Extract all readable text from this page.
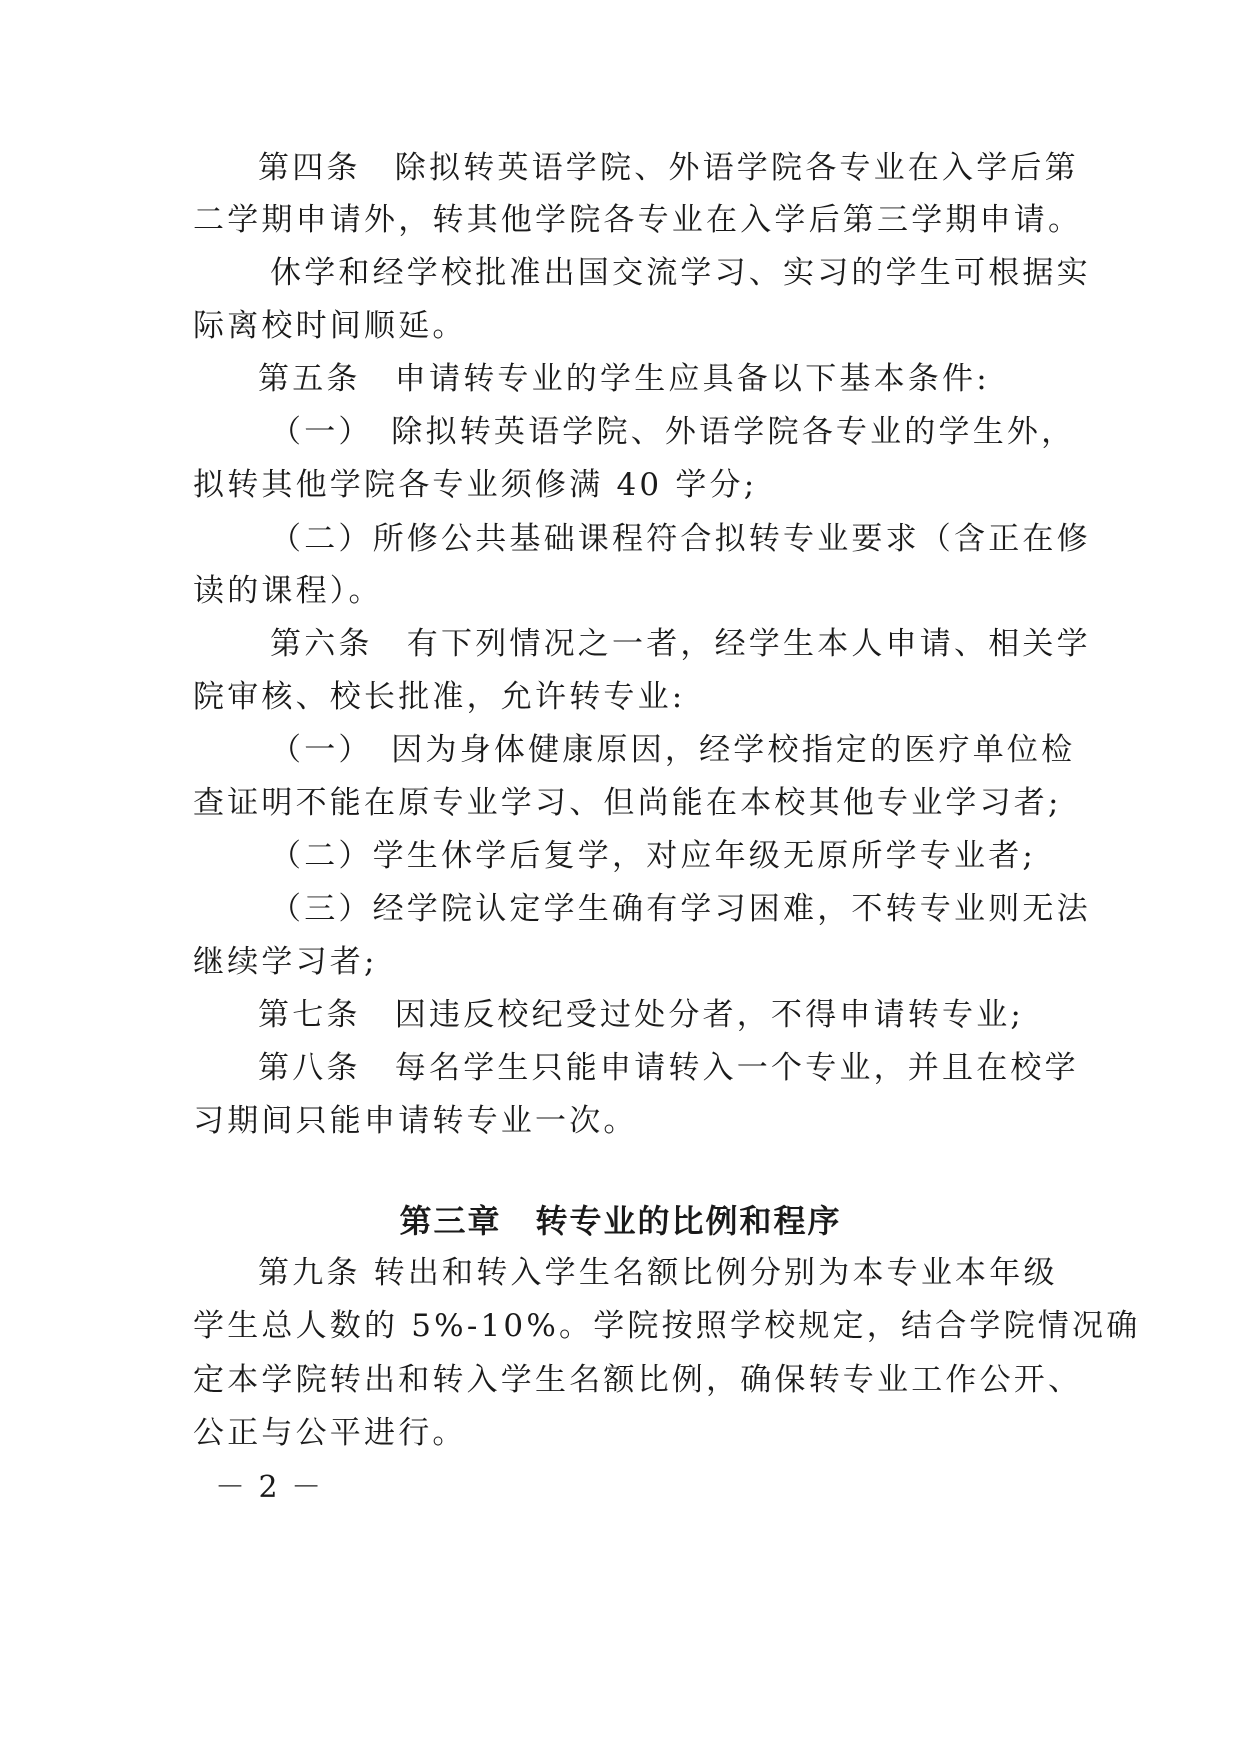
第四条　除拟转英语学院、外语学院各专业在入学后第
二学期申请外，转其他学院各专业在入学后第三学期申请。
休学和经学校批准出国交流学习、实习的学生可根据实
际离校时间顺延。
第五条　申请转专业的学生应具备以下基本条件:
（一）　除拟转英语学院、外语学院各专业的学生外，
拟转其他学院各专业须修满 40 学分;
（二）所修公共基础课程符合拟转专业要求（含正在修
读的课程）。
第六条　有下列情况之一者，经学生本人申请、相关学
院审核、校长批准，允许转专业:
（一）　因为身体健康原因，经学校指定的医疗单位检
查证明不能在原专业学习、但尚能在本校其他专业学习者;
（二）学生休学后复学，对应年级无原所学专业者;
（三）经学院认定学生确有学习困难，不转专业则无法
继续学习者;
第七条　因违反校纪受过处分者，不得申请转专业;
第八条　每名学生只能申请转入一个专业，并且在校学
习期间只能申请转专业一次。
第三章　转专业的比例和程序
第九条 转出和转入学生名额比例分别为本专业本年级
学生总人数的 5%-10%。学院按照学校规定，结合学院情况确
定本学院转出和转入学生名额比例，确保转专业工作公开、
公正与公平进行。
－ 2 －
